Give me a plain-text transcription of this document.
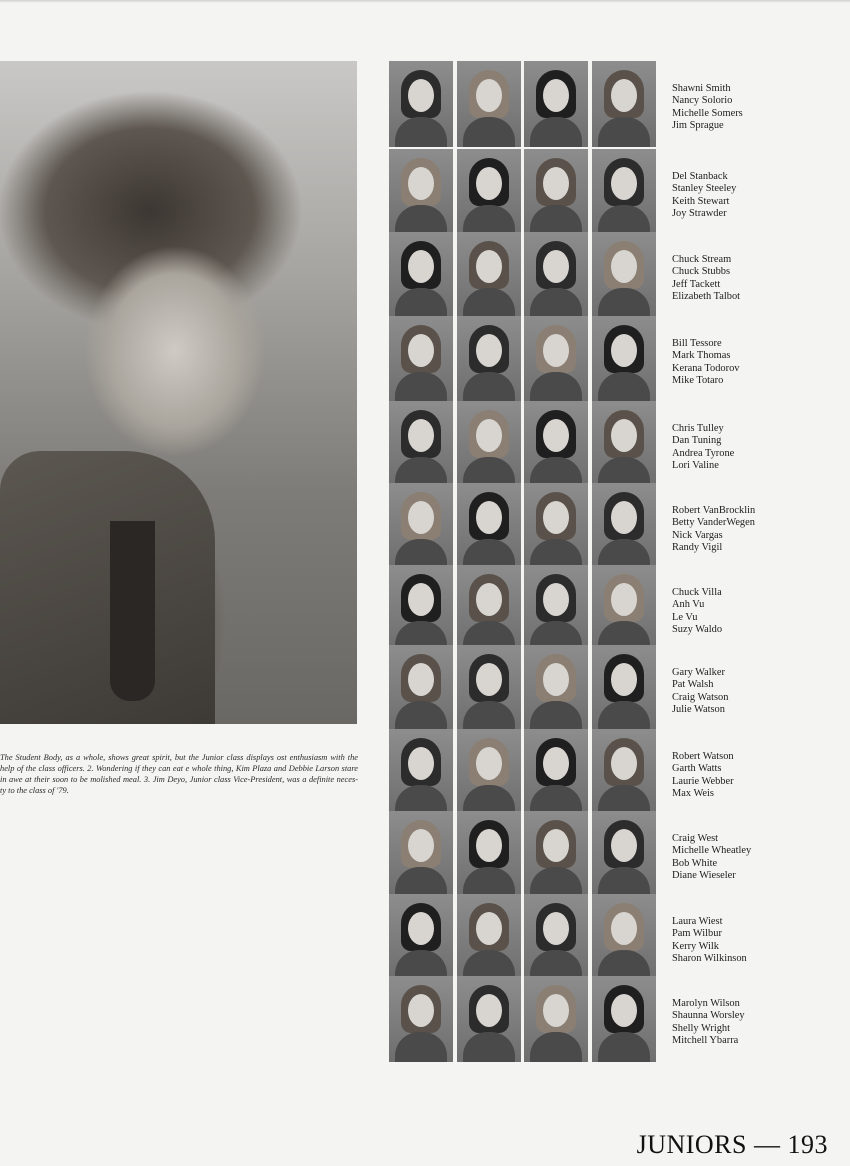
The Student Body, as a whole, shows great spirit, but the Junior class displays ost enthusiasm with the help of the class officers. 2. Wondering if they can eat e whole thing, Kim Plaza and Debbie Larson stare in awe at their soon to be molished meal. 3. Jim Deyo, Junior class Vice-President, was a definite neces- ty to the class of '79.
Shawni Smith
Nancy Solorio
Michelle Somers
Jim Sprague
Del Stanback
Stanley Steeley
Keith Stewart
Joy Strawder
Chuck Stream
Chuck Stubbs
Jeff Tackett
Elizabeth Talbot
Bill Tessore
Mark Thomas
Kerana Todorov
Mike Totaro
Chris Tulley
Dan Tuning
Andrea Tyrone
Lori Valine
Robert VanBrocklin
Betty VanderWegen
Nick Vargas
Randy Vigil
Chuck Villa
Anh Vu
Le Vu
Suzy Waldo
Gary Walker
Pat Walsh
Craig Watson
Julie Watson
Robert Watson
Garth Watts
Laurie Webber
Max Weis
Craig West
Michelle Wheatley
Bob White
Diane Wieseler
Laura Wiest
Pam Wilbur
Kerry Wilk
Sharon Wilkinson
Marolyn Wilson
Shaunna Worsley
Shelly Wright
Mitchell Ybarra
JUNIORS — 193
